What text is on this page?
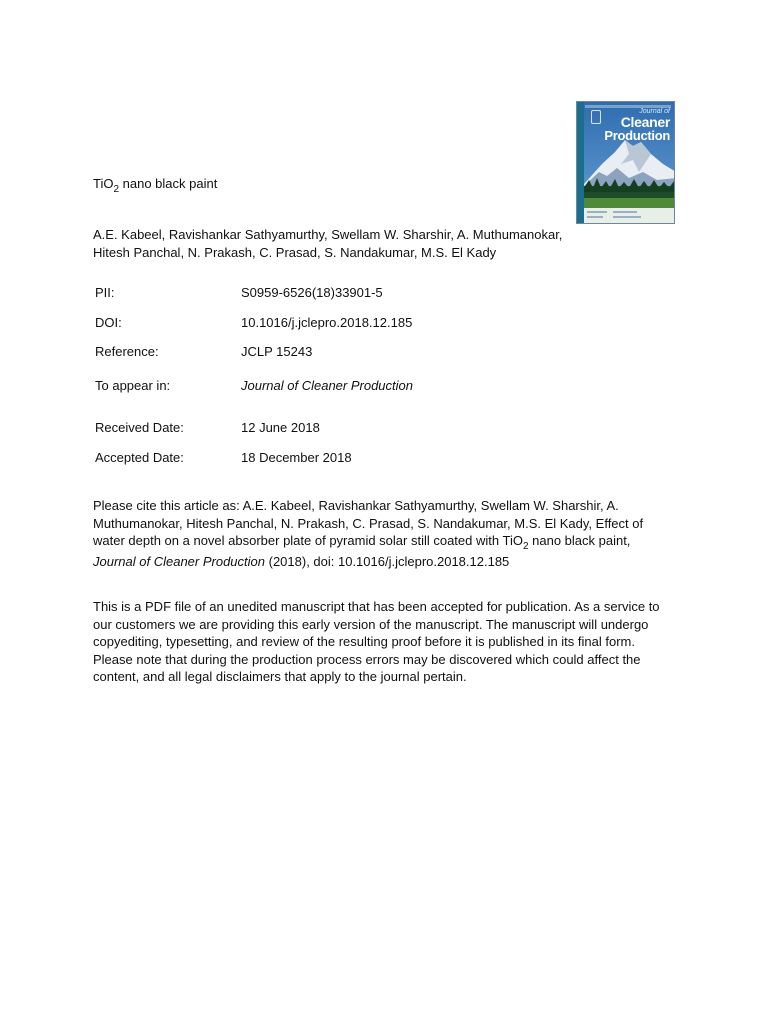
Journal of
Cleaner
Production
TiO$_2$ nano black paint
A.E. Kabeel, Ravishankar Sathyamurthy, Swellam W. Sharshir, A. Muthumanokar,
Hitesh Panchal, N. Prakash, C. Prasad, S. Nandakumar, M.S. El Kady
PII:	S0959-6526(18)33901-5
DOI:	10.1016/j.jclepro.2018.12.185
Reference:	JCLP 15243
To appear in:	Journal of Cleaner Production
Received Date:	12 June 2018
Accepted Date:	18 December 2018
Please cite this article as: A.E. Kabeel, Ravishankar Sathyamurthy, Swellam W. Sharshir, A.
Muthumanokar, Hitesh Panchal, N. Prakash, C. Prasad, S. Nandakumar, M.S. El Kady, Effect of
water depth on a novel absorber plate of pyramid solar still coated with TiO$_2$ nano black paint,
Journal of Cleaner Production (2018), doi: 10.1016/j.jclepro.2018.12.185
This is a PDF file of an unedited manuscript that has been accepted for publication. As a service to
our customers we are providing this early version of the manuscript. The manuscript will undergo
copyediting, typesetting, and review of the resulting proof before it is published in its final form.
Please note that during the production process errors may be discovered which could affect the
content, and all legal disclaimers that apply to the journal pertain.
